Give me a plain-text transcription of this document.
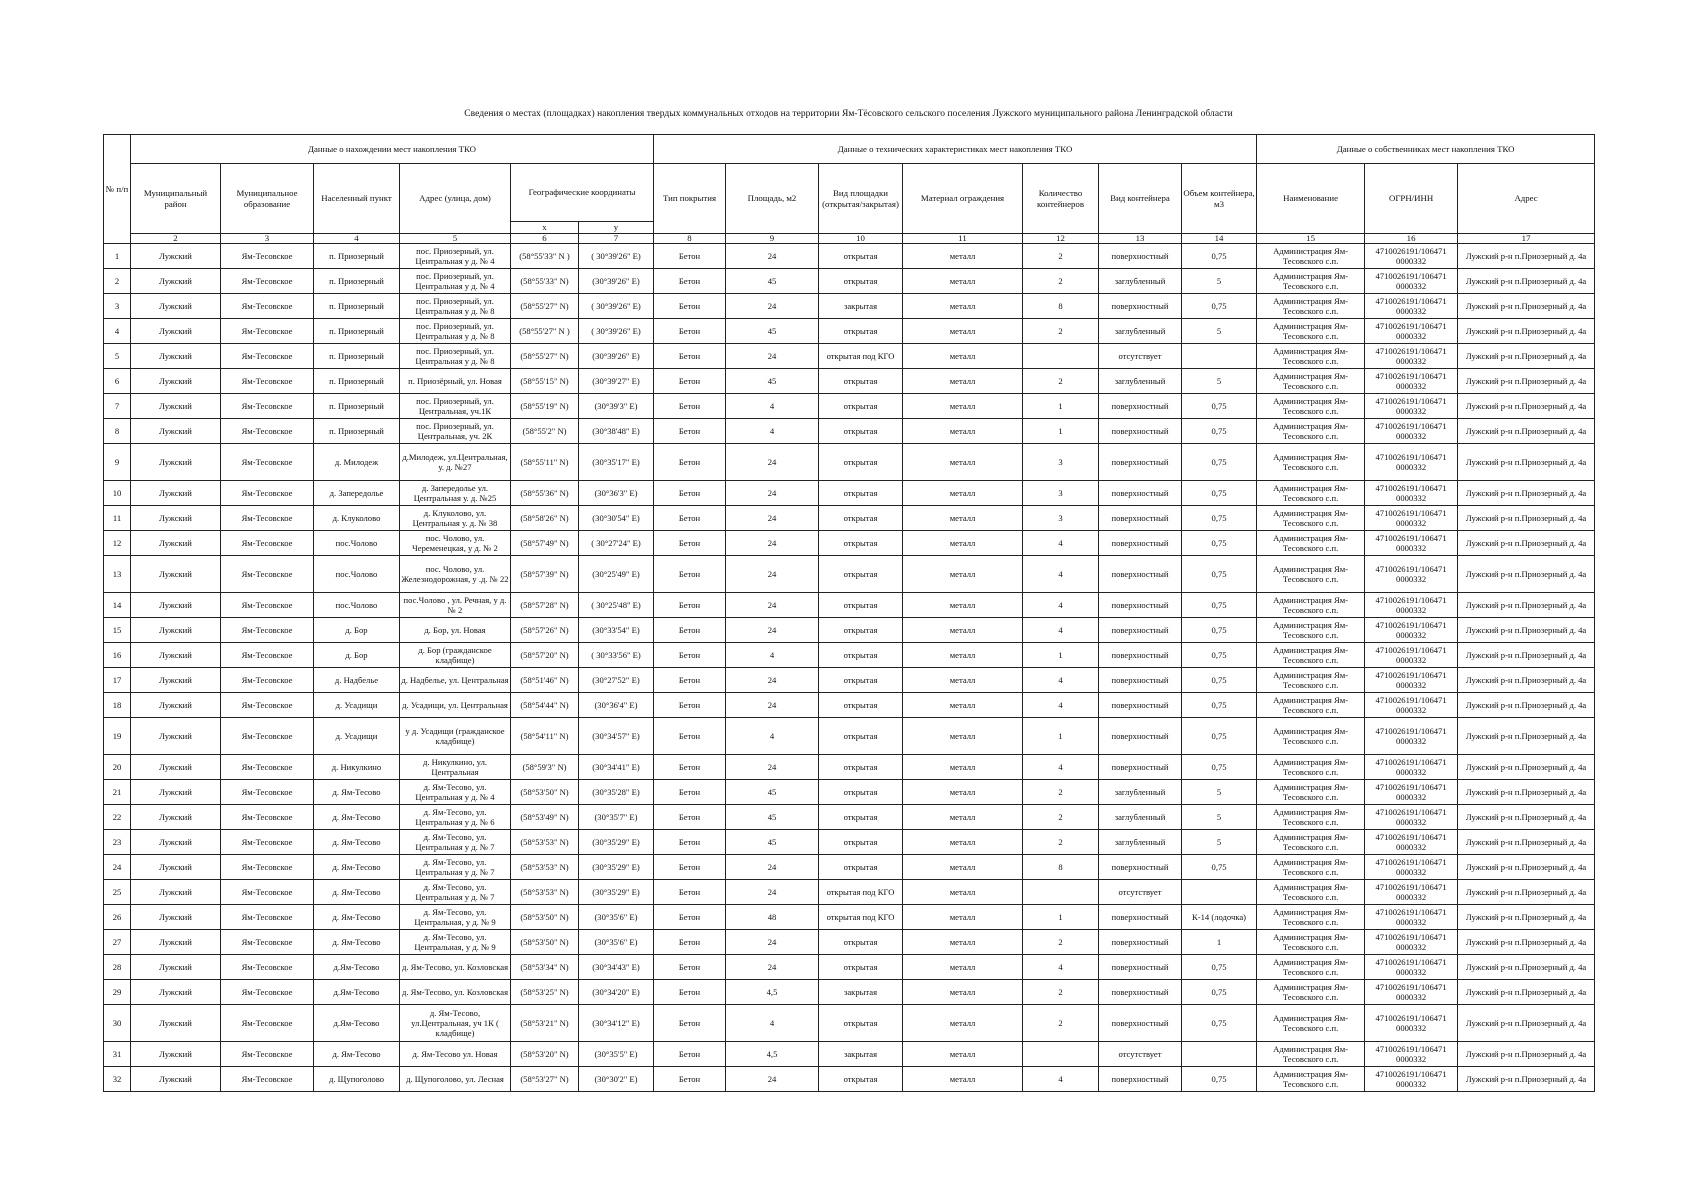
Сведения о местах (площадках) накопления твердых коммунальных отходов на территории Ям-Тёсовского сельского поселения Лужского муниципального района Ленинградской области
№ п/п	Данные о нахождении мест накопления ТКО						Данные о технических характеристиках мест накопления ТКО							Данные о собственниках мест накопления ТКО		
	Муниципальный район	Муниципальное образование	Населенный пункт	Адрес (улица, дом)	Географические координаты		Тип покрытия	Площадь, м2	Вид площадки (открытая/закрытая)	Материал ограждения	Количество контейнеров	Вид контейнера	Объем контейнера, м3	Наименование	ОГРН/ИНН	Адрес
					x	y										
	2	3	4	5	6	7	8	9	10	11	12	13	14	15	16	17
1	Лужский	Ям-Тесовское	п. Приозерный	пос. Приозерный, ул. Центральная у д. № 4	(58°55'33" N )	( 30°39'26" E)	Бетон	24	открытая	металл	2	поверхностный	0,75	Администрация Ям-Тесовского с.п.	4710026191/106471 0000332	Лужский р-н п.Приозерный д. 4а
2	Лужский	Ям-Тесовское	п. Приозерный	пос. Приозерный, ул. Центральная у д. № 4	(58°55'33" N)	(30°39'26" E)	Бетон	45	открытая	металл	2	заглубленный	5	Администрация Ям-Тесовского с.п.	4710026191/106471 0000332	Лужский р-н п.Приозерный д. 4а
3	Лужский	Ям-Тесовское	п. Приозерный	пос. Приозерный, ул. Центральная у д. № 8	(58°55'27" N)	( 30°39'26" E)	Бетон	24	закрытая	металл	8	поверхностный	0,75	Администрация Ям-Тесовского с.п.	4710026191/106471 0000332	Лужский р-н п.Приозерный д. 4а
4	Лужский	Ям-Тесовское	п. Приозерный	пос. Приозерный, ул. Центральная у д. № 8	(58°55'27" N )	( 30°39'26" E)	Бетон	45	открытая	металл	2	заглубленный	5	Администрация Ям-Тесовского с.п.	4710026191/106471 0000332	Лужский р-н п.Приозерный д. 4а
5	Лужский	Ям-Тесовское	п. Приозерный	пос. Приозерный, ул. Центральная у д. № 8	(58°55'27" N)	(30°39'26" E)	Бетон	24	открытая под КГО	металл		отсутствует		Администрация Ям-Тесовского с.п.	4710026191/106471 0000332	Лужский р-н п.Приозерный д. 4а
6	Лужский	Ям-Тесовское	п. Приозерный	п. Приозёрный, ул. Новая	(58°55'15" N)	(30°39'27" E)	Бетон	45	открытая	металл	2	заглубленный	5	Администрация Ям-Тесовского с.п.	4710026191/106471 0000332	Лужский р-н п.Приозерный д. 4а
7	Лужский	Ям-Тесовское	п. Приозерный	пос. Приозерный, ул. Центральная, уч.1К	(58°55'19" N)	(30°39'3" E)	Бетон	4	открытая	металл	1	поверхностный	0,75	Администрация Ям-Тесовского с.п.	4710026191/106471 0000332	Лужский р-н п.Приозерный д. 4а
8	Лужский	Ям-Тесовское	п. Приозерный	пос. Приозерный, ул. Центральная, уч. 2К	(58°55'2" N)	(30°38'48" E)	Бетон	4	открытая	металл	1	поверхностный	0,75	Администрация Ям-Тесовского с.п.	4710026191/106471 0000332	Лужский р-н п.Приозерный д. 4а
9	Лужский	Ям-Тесовское	д. Милодеж	д.Милодеж, ул.Центральная, у. д. №27	(58°55'11" N)	(30°35'17" E)	Бетон	24	открытая	металл	3	поверхностный	0,75	Администрация Ям-Тесовского с.п.	4710026191/106471 0000332	Лужский р-н п.Приозерный д. 4а
10	Лужский	Ям-Тесовское	д. Запередолье	д. Запередолье ул. Центральная у. д. №25	(58°55'36" N)	(30°36'3" E)	Бетон	24	открытая	металл	3	поверхностный	0,75	Администрация Ям-Тесовского с.п.	4710026191/106471 0000332	Лужский р-н п.Приозерный д. 4а
11	Лужский	Ям-Тесовское	д. Клуколово	д. Клуколово, ул. Центральная у. д. № 38	(58°58'26" N)	(30°30'54" E)	Бетон	24	открытая	металл	3	поверхностный	0,75	Администрация Ям-Тесовского с.п.	4710026191/106471 0000332	Лужский р-н п.Приозерный д. 4а
12	Лужский	Ям-Тесовское	пос.Чолово	пос. Чолово, ул. Череменецкая, у д. № 2	(58°57'49" N)	( 30°27'24" E)	Бетон	24	открытая	металл	4	поверхностный	0,75	Администрация Ям-Тесовского с.п.	4710026191/106471 0000332	Лужский р-н п.Приозерный д. 4а
13	Лужский	Ям-Тесовское	пос.Чолово	пос. Чолово, ул. Железнодорожная, у .д. № 22	(58°57'39" N)	(30°25'49" E)	Бетон	24	открытая	металл	4	поверхностный	0,75	Администрация Ям-Тесовского с.п.	4710026191/106471 0000332	Лужский р-н п.Приозерный д. 4а
14	Лужский	Ям-Тесовское	пос.Чолово	пос.Чолово , ул. Речная, у д. № 2	(58°57'28" N)	( 30°25'48" E)	Бетон	24	открытая	металл	4	поверхностный	0,75	Администрация Ям-Тесовского с.п.	4710026191/106471 0000332	Лужский р-н п.Приозерный д. 4а
15	Лужский	Ям-Тесовское	д. Бор	д. Бор, ул. Новая	(58°57'26" N)	(30°33'54" E)	Бетон	24	открытая	металл	4	поверхностный	0,75	Администрация Ям-Тесовского с.п.	4710026191/106471 0000332	Лужский р-н п.Приозерный д. 4а
16	Лужский	Ям-Тесовское	д. Бор	д. Бор (гражданское кладбище)	(58°57'20" N)	( 30°33'56" E)	Бетон	4	открытая	металл	1	поверхностный	0,75	Администрация Ям-Тесовского с.п.	4710026191/106471 0000332	Лужский р-н п.Приозерный д. 4а
17	Лужский	Ям-Тесовское	д. Надбелье	д. Надбелье, ул. Центральная	(58°51'46" N)	(30°27'52" E)	Бетон	24	открытая	металл	4	поверхностный	0,75	Администрация Ям-Тесовского с.п.	4710026191/106471 0000332	Лужский р-н п.Приозерный д. 4а
18	Лужский	Ям-Тесовское	д. Усадищи	д. Усадищи, ул. Центральная	(58°54'44" N)	(30°36'4" E)	Бетон	24	открытая	металл	4	поверхностный	0,75	Администрация Ям-Тесовского с.п.	4710026191/106471 0000332	Лужский р-н п.Приозерный д. 4а
19	Лужский	Ям-Тесовское	д. Усадищи	у д. Усадищи (гражданское кладбище)	(58°54'11" N)	(30°34'57" E)	Бетон	4	открытая	металл	1	поверхностный	0,75	Администрация Ям-Тесовского с.п.	4710026191/106471 0000332	Лужский р-н п.Приозерный д. 4а
20	Лужский	Ям-Тесовское	д. Никулкино	д. Никулкино, ул. Центральная	(58°59'3" N)	(30°34'41" E)	Бетон	24	открытая	металл	4	поверхностный	0,75	Администрация Ям-Тесовского с.п.	4710026191/106471 0000332	Лужский р-н п.Приозерный д. 4а
21	Лужский	Ям-Тесовское	д. Ям-Тесово	д. Ям-Тесово, ул. Центральная у д. № 4	(58°53'50" N)	(30°35'28" E)	Бетон	45	открытая	металл	2	заглубленный	5	Администрация Ям-Тесовского с.п.	4710026191/106471 0000332	Лужский р-н п.Приозерный д. 4а
22	Лужский	Ям-Тесовское	д. Ям-Тесово	д. Ям-Тесово, ул. Центральная у д. № 6	(58°53'49" N)	(30°35'7" E)	Бетон	45	открытая	металл	2	заглубленный	5	Администрация Ям-Тесовского с.п.	4710026191/106471 0000332	Лужский р-н п.Приозерный д. 4а
23	Лужский	Ям-Тесовское	д. Ям-Тесово	д. Ям-Тесово, ул. Центральная у д. № 7	(58°53'53" N)	(30°35'29" E)	Бетон	45	открытая	металл	2	заглубленный	5	Администрация Ям-Тесовского с.п.	4710026191/106471 0000332	Лужский р-н п.Приозерный д. 4а
24	Лужский	Ям-Тесовское	д. Ям-Тесово	д. Ям-Тесово, ул. Центральная у д. № 7	(58°53'53" N)	(30°35'29" E)	Бетон	24	открытая	металл	8	поверхностный	0,75	Администрация Ям-Тесовского с.п.	4710026191/106471 0000332	Лужский р-н п.Приозерный д. 4а
25	Лужский	Ям-Тесовское	д. Ям-Тесово	д. Ям-Тесово, ул. Центральная у д. № 7	(58°53'53" N)	(30°35'29" E)	Бетон	24	открытая под КГО	металл		отсутствует		Администрация Ям-Тесовского с.п.	4710026191/106471 0000332	Лужский р-н п.Приозерный д. 4а
26	Лужский	Ям-Тесовское	д. Ям-Тесово	д. Ям-Тесово, ул. Центральная, у д. № 9	(58°53'50" N)	(30°35'6" E)	Бетон	48	открытая под КГО	металл	1	поверхностный	К-14 (лодочка)	Администрация Ям-Тесовского с.п.	4710026191/106471 0000332	Лужский р-н п.Приозерный д. 4а
27	Лужский	Ям-Тесовское	д. Ям-Тесово	д. Ям-Тесово, ул. Центральная, у д. № 9	(58°53'50" N)	(30°35'6" E)	Бетон	24	открытая	металл	2	поверхностный	1	Администрация Ям-Тесовского с.п.	4710026191/106471 0000332	Лужский р-н п.Приозерный д. 4а
28	Лужский	Ям-Тесовское	д.Ям-Тесово	д. Ям-Тесово, ул. Козловская	(58°53'34" N)	(30°34'43" E)	Бетон	24	открытая	металл	4	поверхностный	0,75	Администрация Ям-Тесовского с.п.	4710026191/106471 0000332	Лужский р-н п.Приозерный д. 4а
29	Лужский	Ям-Тесовское	д.Ям-Тесово	д. Ям-Тесово, ул. Козловская	(58°53'25" N)	(30°34'20" E)	Бетон	4,5	закрытая	металл	2	поверхностный	0,75	Администрация Ям-Тесовского с.п.	4710026191/106471 0000332	Лужский р-н п.Приозерный д. 4а
30	Лужский	Ям-Тесовское	д.Ям-Тесово	д. Ям-Тесово, ул.Центральная, уч 1К ( кладбище)	(58°53'21" N)	(30°34'12" E)	Бетон	4	открытая	металл	2	поверхностный	0,75	Администрация Ям-Тесовского с.п.	4710026191/106471 0000332	Лужский р-н п.Приозерный д. 4а
31	Лужский	Ям-Тесовское	д. Ям-Тесово	д. Ям-Тесово ул. Новая	(58°53'20" N)	(30°35'5" E)	Бетон	4,5	закрытая	металл		отсутствует		Администрация Ям-Тесовского с.п.	4710026191/106471 0000332	Лужский р-н п.Приозерный д. 4а
32	Лужский	Ям-Тесовское	д. Щупоголово	д. Щупоголово, ул. Лесная	(58°53'27" N)	(30°30'2" E)	Бетон	24	открытая	металл	4	поверхностный	0,75	Администрация Ям-Тесовского с.п.	4710026191/106471 0000332	Лужский р-н п.Приозерный д. 4а
